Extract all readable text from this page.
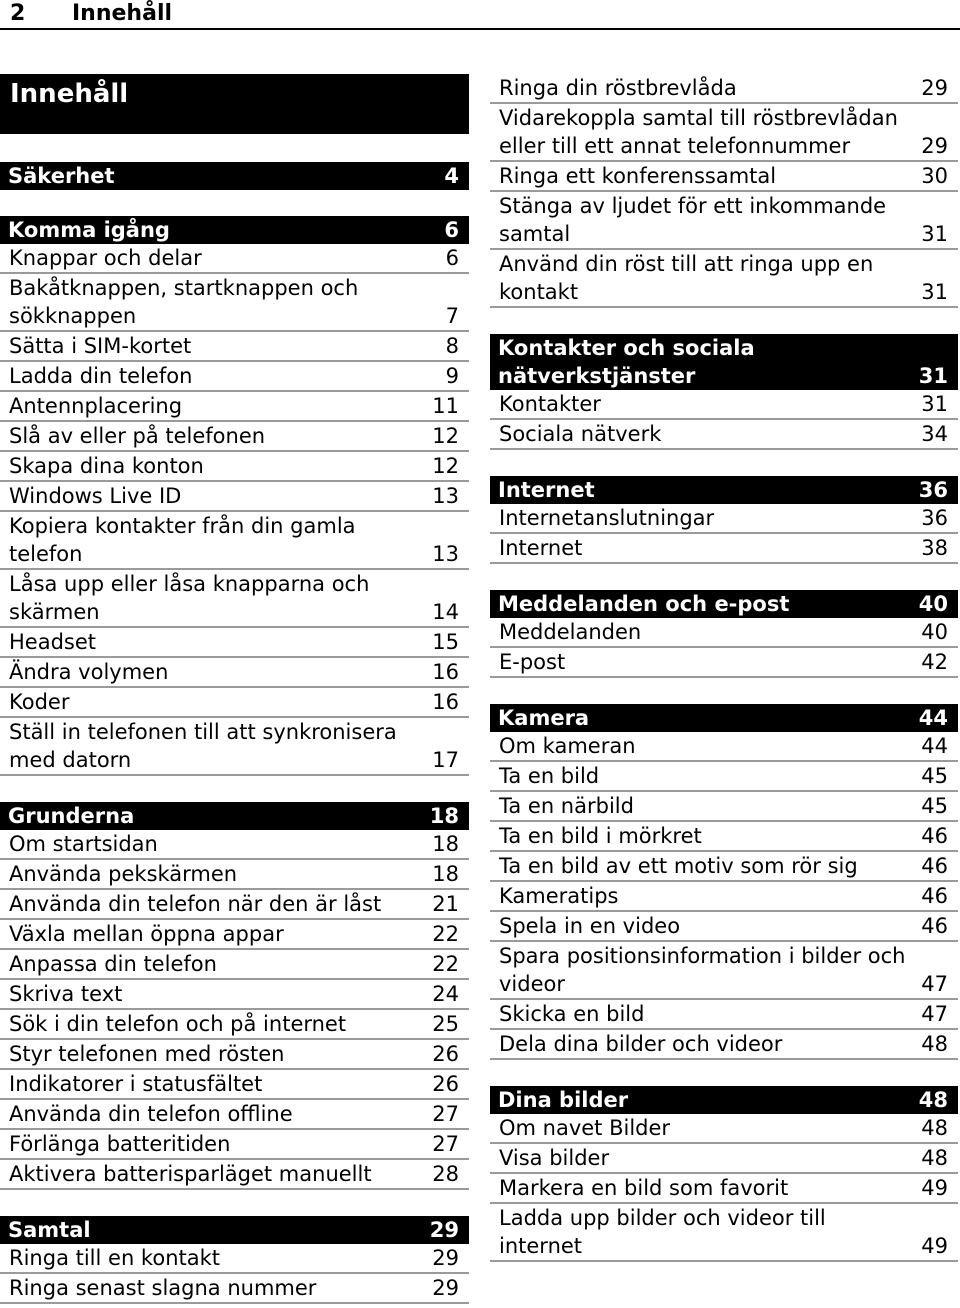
2 Innehåll
Innehåll
Säkerhet	4
Komma igång	6
Knappar och delar	6
Bakåtknappen, startknappen och sökknappen	7
Sätta i SIM-kortet	8
Ladda din telefon	9
Antennplacering	11
Slå av eller på telefonen	12
Skapa dina konton	12
Windows Live ID	13
Kopiera kontakter från din gamla telefon	13
Låsa upp eller låsa knapparna och skärmen	14
Headset	15
Ändra volymen	16
Koder	16
Ställ in telefonen till att synkronisera med datorn	17
Grunderna	18
Om startsidan	18
Använda pekskärmen	18
Använda din telefon när den är låst	21
Växla mellan öppna appar	22
Anpassa din telefon	22
Skriva text	24
Sök i din telefon och på internet	25
Styr telefonen med rösten	26
Indikatorer i statusfältet	26
Använda din telefon offline	27
Förlänga batteritiden	27
Aktivera batterisparläget manuellt	28
Samtal	29
Ringa till en kontakt	29
Ringa senast slagna nummer	29
Ringa din röstbrevlåda	29
Vidarekoppla samtal till röstbrevlådan eller till ett annat telefonnummer	29
Ringa ett konferenssamtal	30
Stänga av ljudet för ett inkommande samtal	31
Använd din röst till att ringa upp en kontakt	31
Kontakter och sociala nätverkstjänster	31
Kontakter	31
Sociala nätverk	34
Internet	36
Internetanslutningar	36
Internet	38
Meddelanden och e-post	40
Meddelanden	40
E-post	42
Kamera	44
Om kameran	44
Ta en bild	45
Ta en närbild	45
Ta en bild i mörkret	46
Ta en bild av ett motiv som rör sig	46
Kameratips	46
Spela in en video	46
Spara positionsinformation i bilder och videor	47
Skicka en bild	47
Dela dina bilder och videor	48
Dina bilder	48
Om navet Bilder	48
Visa bilder	48
Markera en bild som favorit	49
Ladda upp bilder och videor till internet	49
